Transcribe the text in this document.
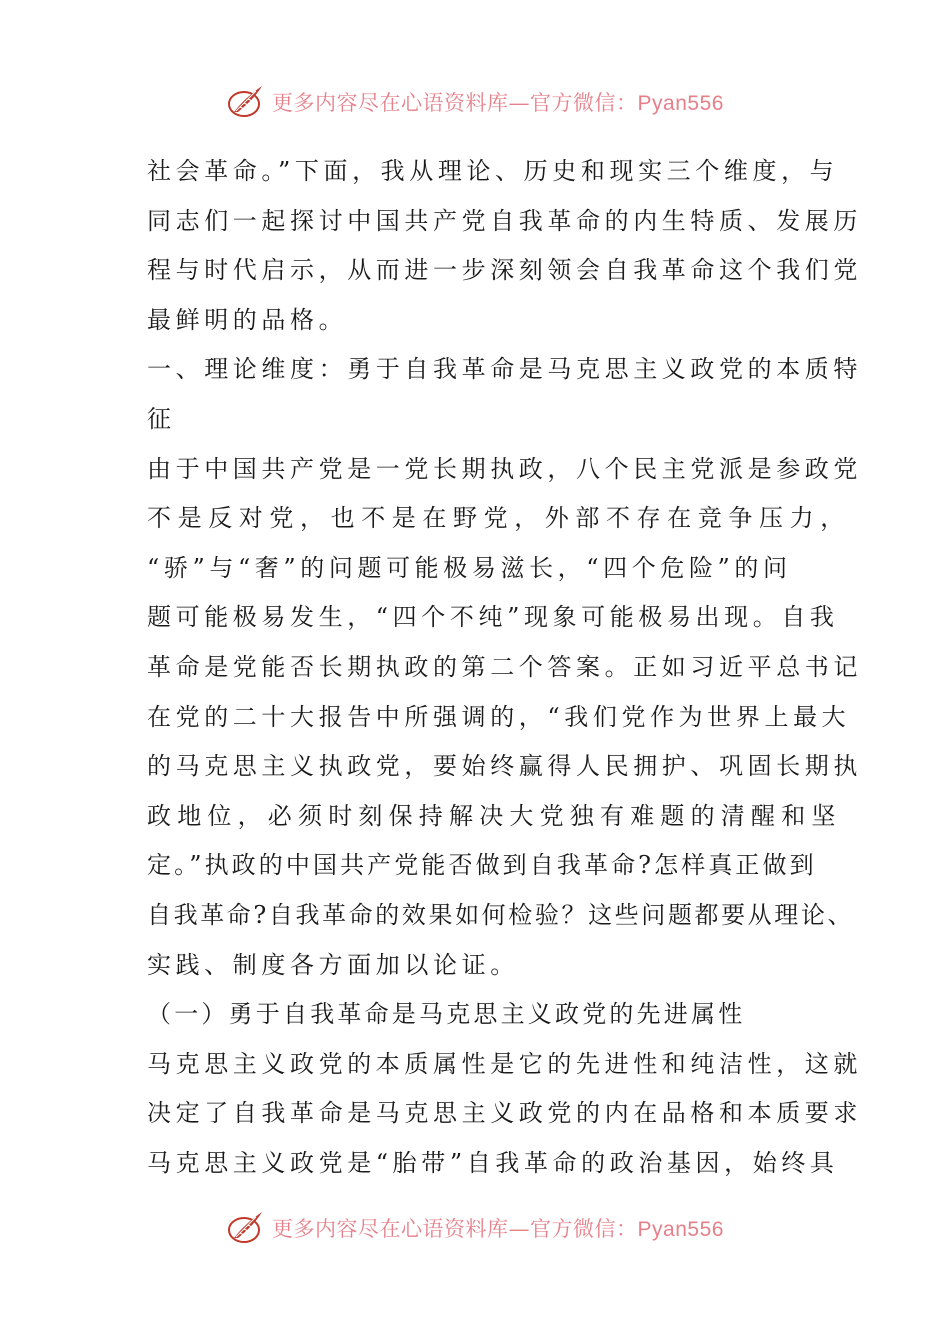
更多内容尽在心语资料库—官方微信：Pyan556
社会革命。”下面，我从理论、历史和现实三个维度，与
同志们一起探讨中国共产党自我革命的内生特质、发展历
程与时代启示，从而进一步深刻领会自我革命这个我们党
最鲜明的品格。
一、理论维度：勇于自我革命是马克思主义政党的本质特
征
由于中国共产党是一党长期执政，八个民主党派是参政党
不是反对党，也不是在野党，外部不存在竞争压力，
“骄”与“奢”的问题可能极易滋长，“四个危险”的问
题可能极易发生，“四个不纯”现象可能极易出现。自我
革命是党能否长期执政的第二个答案。正如习近平总书记
在党的二十大报告中所强调的，“我们党作为世界上最大
的马克思主义执政党，要始终赢得人民拥护、巩固长期执
政地位，必须时刻保持解决大党独有难题的清醒和坚
定。”执政的中国共产党能否做到自我革命?怎样真正做到
自我革命?自我革命的效果如何检验？这些问题都要从理论、
实践、制度各方面加以论证。
（一）勇于自我革命是马克思主义政党的先进属性
马克思主义政党的本质属性是它的先进性和纯洁性，这就
决定了自我革命是马克思主义政党的内在品格和本质要求
马克思主义政党是“胎带”自我革命的政治基因，始终具
更多内容尽在心语资料库—官方微信：Pyan556
